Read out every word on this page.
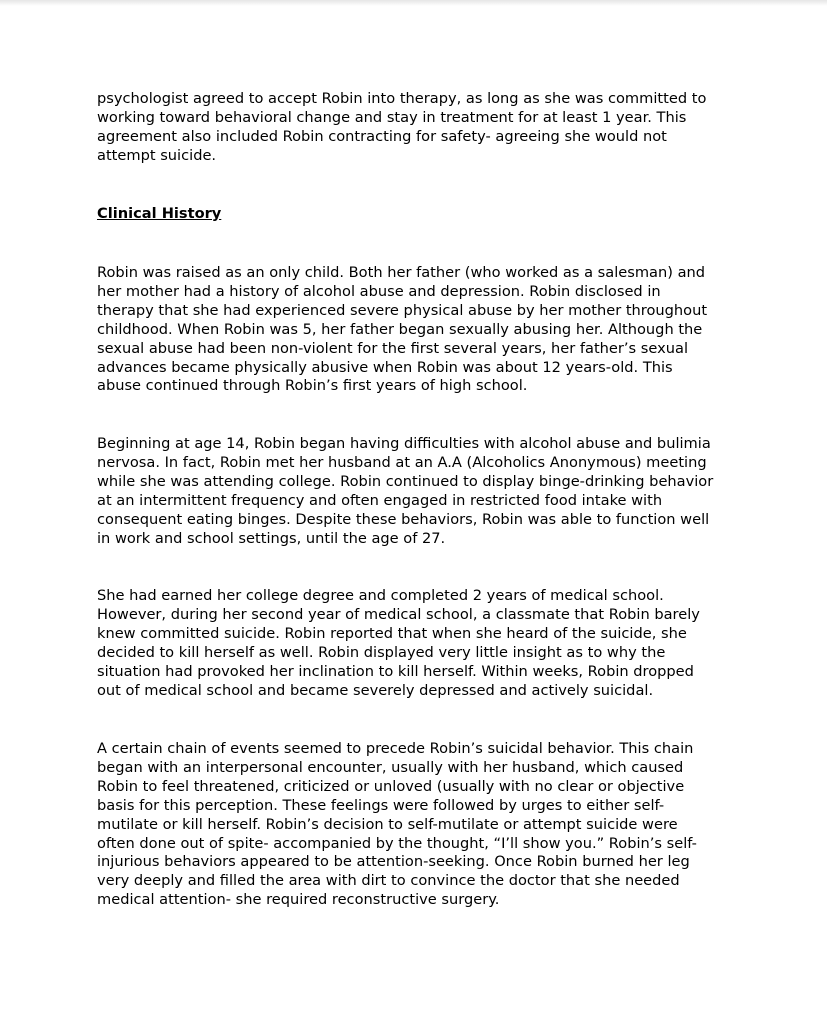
psychologist agreed to accept Robin into therapy, as long as she was committed to
working toward behavioral change and stay in treatment for at least 1 year. This
agreement also included Robin contracting for safety- agreeing she would not
attempt suicide.

Clinical History

Robin was raised as an only child. Both her father (who worked as a salesman) and
her mother had a history of alcohol abuse and depression. Robin disclosed in
therapy that she had experienced severe physical abuse by her mother throughout
childhood. When Robin was 5, her father began sexually abusing her. Although the
sexual abuse had been non-violent for the first several years, her father’s sexual
advances became physically abusive when Robin was about 12 years-old. This
abuse continued through Robin’s first years of high school.

Beginning at age 14, Robin began having difficulties with alcohol abuse and bulimia
nervosa. In fact, Robin met her husband at an A.A (Alcoholics Anonymous) meeting
while she was attending college. Robin continued to display binge-drinking behavior
at an intermittent frequency and often engaged in restricted food intake with
consequent eating binges. Despite these behaviors, Robin was able to function well
in work and school settings, until the age of 27.

She had earned her college degree and completed 2 years of medical school.
However, during her second year of medical school, a classmate that Robin barely
knew committed suicide. Robin reported that when she heard of the suicide, she
decided to kill herself as well. Robin displayed very little insight as to why the
situation had provoked her inclination to kill herself. Within weeks, Robin dropped
out of medical school and became severely depressed and actively suicidal.

A certain chain of events seemed to precede Robin’s suicidal behavior. This chain
began with an interpersonal encounter, usually with her husband, which caused
Robin to feel threatened, criticized or unloved (usually with no clear or objective
basis for this perception. These feelings were followed by urges to either self-
mutilate or kill herself. Robin’s decision to self-mutilate or attempt suicide were
often done out of spite- accompanied by the thought, “I’ll show you.” Robin’s self-
injurious behaviors appeared to be attention-seeking. Once Robin burned her leg
very deeply and filled the area with dirt to convince the doctor that she needed
medical attention- she required reconstructive surgery.
